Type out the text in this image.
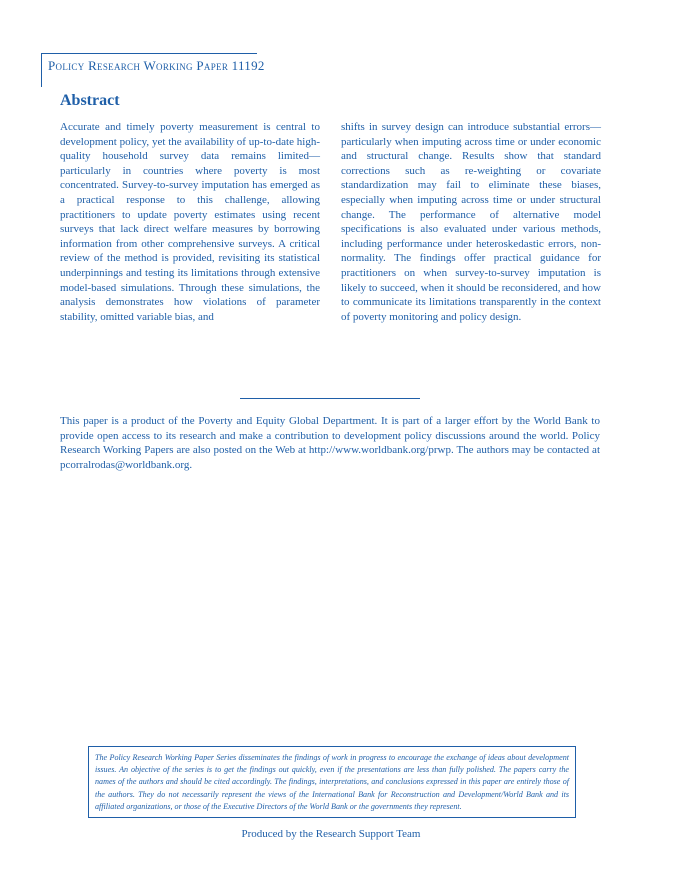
Policy Research Working Paper 11192
Abstract
Accurate and timely poverty measurement is central to development policy, yet the availability of up-to-date high-quality household survey data remains limited—particularly in countries where poverty is most concentrated. Survey-to-survey imputation has emerged as a practical response to this challenge, allowing practitioners to update poverty estimates using recent surveys that lack direct welfare measures by borrowing information from other comprehensive surveys. A critical review of the method is provided, revisiting its statistical underpinnings and testing its limitations through extensive model-based simulations. Through these simulations, the analysis demonstrates how violations of parameter stability, omitted variable bias, and
shifts in survey design can introduce substantial errors—particularly when imputing across time or under economic and structural change. Results show that standard corrections such as re-weighting or covariate standardization may fail to eliminate these biases, especially when imputing across time or under structural change. The performance of alternative model specifications is also evaluated under various methods, including performance under heteroskedastic errors, non-normality. The findings offer practical guidance for practitioners on when survey-to-survey imputation is likely to succeed, when it should be reconsidered, and how to communicate its limitations transparently in the context of poverty monitoring and policy design.
This paper is a product of the Poverty and Equity Global Department. It is part of a larger effort by the World Bank to provide open access to its research and make a contribution to development policy discussions around the world. Policy Research Working Papers are also posted on the Web at http://www.worldbank.org/prwp. The authors may be contacted at pcorralrodas@worldbank.org.
The Policy Research Working Paper Series disseminates the findings of work in progress to encourage the exchange of ideas about development issues. An objective of the series is to get the findings out quickly, even if the presentations are less than fully polished. The papers carry the names of the authors and should be cited accordingly. The findings, interpretations, and conclusions expressed in this paper are entirely those of the authors. They do not necessarily represent the views of the International Bank for Reconstruction and Development/World Bank and its affiliated organizations, or those of the Executive Directors of the World Bank or the governments they represent.
Produced by the Research Support Team
